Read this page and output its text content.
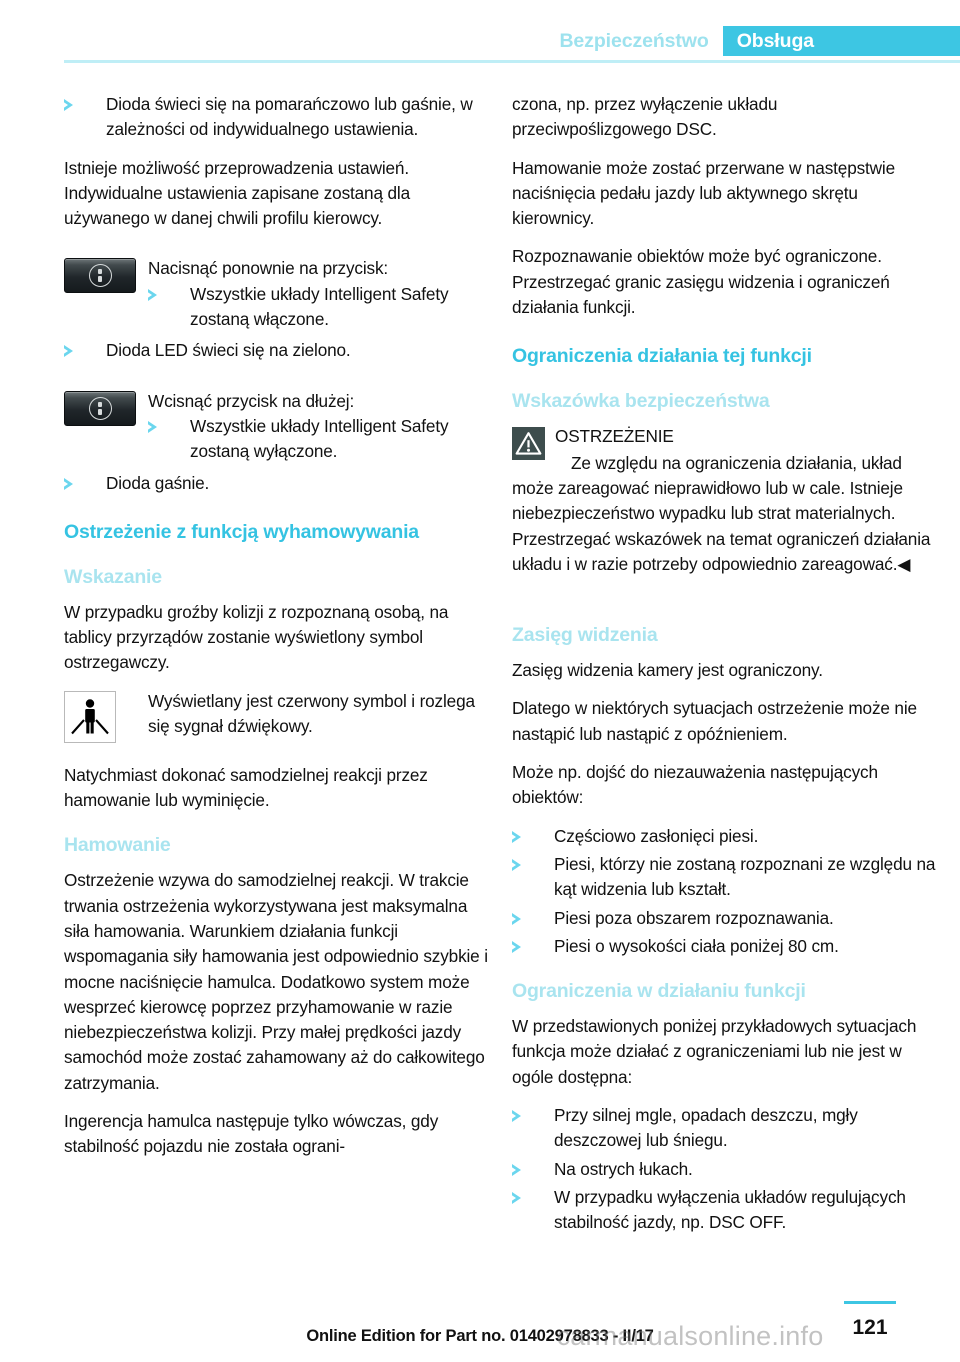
Bezpieczeństwo Obsługa
Dioda świeci się na pomarańczowo lub gaśnie, w zależności od indywidualnego ustawienia.

Istnieje możliwość przeprowadzenia ustawień. Indywidualne ustawienia zapisane zostaną dla używanego w danej chwili profilu kierowcy.

Nacisnąć ponownie na przycisk:
Wszystkie układy Intelligent Safety zostaną włączone.
Dioda LED świeci się na zielono.
Wcisnąć przycisk na dłużej:
Wszystkie układy Intelligent Safety zostaną wyłączone.
Dioda gaśnie.
Ostrzeżenie z funkcją wyhamowywania
Wskazanie

W przypadku groźby kolizji z rozpoznaną osobą, na tablicy przyrządów zostanie wyświetlony symbol ostrzegawczy.

Wyświetlany jest czerwony symbol i rozlega się sygnał dźwiękowy.

Natychmiast dokonać samodzielnej reakcji przez hamowanie lub wyminięcie.

Hamowanie

Ostrzeżenie wzywa do samodzielnej reakcji. W trakcie trwania ostrzeżenia wykorzystywana jest maksymalna siła hamowania. Warunkiem działania funkcji wspomagania siły hamowania jest odpowiednio szybkie i mocne naciśnięcie hamulca. Dodatkowo system może wesprzeć kierowcę poprzez przyhamowanie w razie niebezpieczeństwa kolizji. Przy małej prędkości jazdy samochód może zostać zahamowany aż do całkowitego zatrzymania.

Ingerencja hamulca następuje tylko wówczas, gdy stabilność pojazdu nie została ograni-

czona, np. przez wyłączenie układu przeciwpoślizgowego DSC.

Hamowanie może zostać przerwane w następstwie naciśnięcia pedału jazdy lub aktywnego skrętu kierownicy.

Rozpoznawanie obiektów może być ograniczone. Przestrzegać granic zasięgu widzenia i ograniczeń działania funkcji.

Ograniczenia działania tej funkcji
Wskazówka bezpieczeństwa
OSTRZEŻENIE
Ze względu na ograniczenia działania, układ może zareagować nieprawidłowo lub w cale. Istnieje niebezpieczeństwo wypadku lub strat materialnych. Przestrzegać wskazówek na temat ograniczeń działania układu i w razie potrzeby odpowiednio zareagować.◀
Zasięg widzenia

Zasięg widzenia kamery jest ograniczony.

Dlatego w niektórych sytuacjach ostrzeżenie może nie nastąpić lub nastąpić z opóźnieniem.

Może np. dojść do niezauważenia następujących obiektów:

Częściowo zasłonięci piesi.
Piesi, którzy nie zostaną rozpoznani ze względu na kąt widzenia lub kształt.
Piesi poza obszarem rozpoznawania.
Piesi o wysokości ciała poniżej 80 cm.
Ograniczenia w działaniu funkcji

W przedstawionych poniżej przykładowych sytuacjach funkcja może działać z ograniczeniami lub nie jest w ogóle dostępna:

Przy silnej mgle, opadach deszczu, mgły deszczowej lub śniegu.
Na ostrych łukach.
W przypadku wyłączenia układów regulujących stabilność jazdy, np. DSC OFF.
121
Online Edition for Part no. 01402978833 - II/17
carmanualsonline.info
